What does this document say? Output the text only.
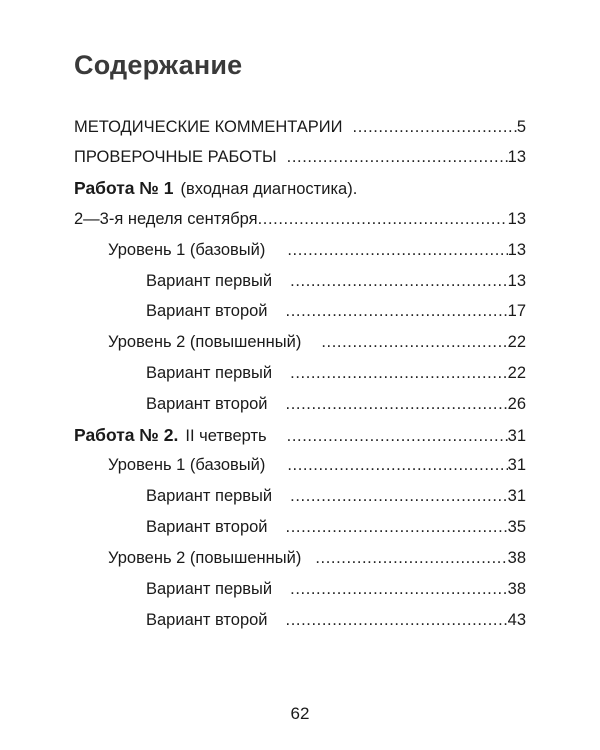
Содержание
МЕТОДИЧЕСКИЕ КОММЕНТАРИИ .....	5
ПРОВЕРОЧНЫЕ РАБОТЫ .....	13
Работа № 1 (входная диагностика).
2—3-я неделя сентября .....	13
Уровень 1 (базовый) .....	13
Вариант первый .....	13
Вариант второй .....	17
Уровень 2 (повышенный) .....	22
Вариант первый .....	22
Вариант второй .....	26
Работа № 2. II четверть .....	31
Уровень 1 (базовый) .....	31
Вариант первый .....	31
Вариант второй .....	35
Уровень 2 (повышенный) .....	38
Вариант первый .....	38
Вариант второй .....	43
62
